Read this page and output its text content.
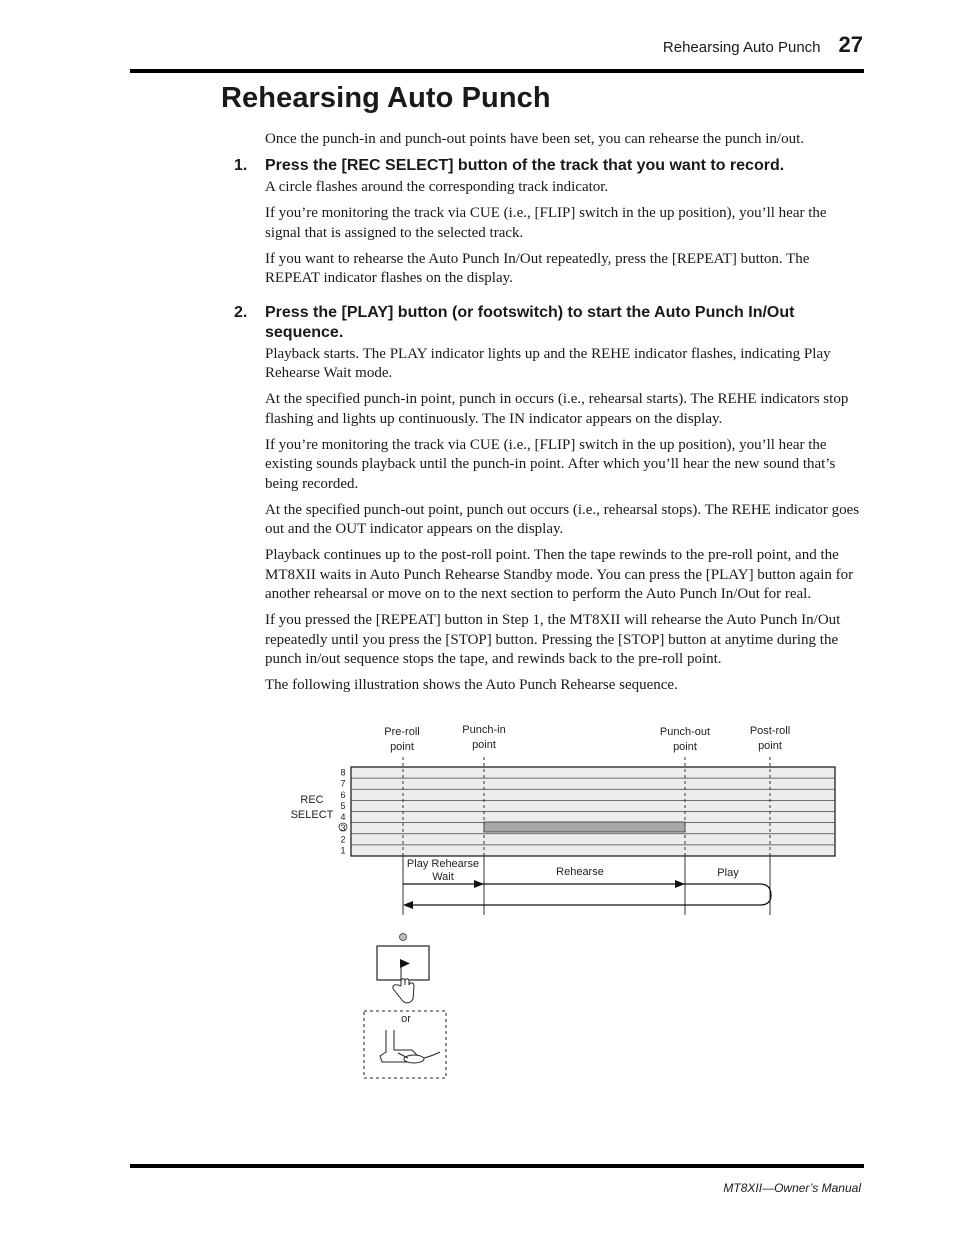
Rehearsing Auto Punch 27
Rehearsing Auto Punch

Once the punch-in and punch-out points have been set, you can rehearse the punch in/out.

1. Press the [REC SELECT] button of the track that you want to record.

A circle flashes around the corresponding track indicator.

If you’re monitoring the track via CUE (i.e., [FLIP] switch in the up position), you’ll hear the signal that is assigned to the selected track.

If you want to rehearse the Auto Punch In/Out repeatedly, press the [REPEAT] button. The REPEAT indicator flashes on the display.

2. Press the [PLAY] button (or footswitch) to start the Auto Punch In/Out sequence.

Playback starts. The PLAY indicator lights up and the REHE indicator flashes, indicating Play Rehearse Wait mode.

At the specified punch-in point, punch in occurs (i.e., rehearsal starts). The REHE indicators stop flashing and lights up continuously. The IN indicator appears on the display.

If you’re monitoring the track via CUE (i.e., [FLIP] switch in the up position), you’ll hear the existing sounds playback until the punch-in point. After which you’ll hear the new sound that’s being recorded.

At the specified punch-out point, punch out occurs (i.e., rehearsal stops). The REHE indicator goes out and the OUT indicator appears on the display.

Playback continues up to the post-roll point. Then the tape rewinds to the pre-roll point, and the MT8XII waits in Auto Punch Rehearse Standby mode. You can press the [PLAY] button again for another rehearsal or move on to the next section to perform the Auto Punch In/Out for real.

If you pressed the [REPEAT] button in Step 1, the MT8XII will rehearse the Auto Punch In/Out repeatedly until you press the [STOP] button. Pressing the [STOP] button at anytime during the punch in/out sequence stops the tape, and rewinds back to the pre-roll point.

The following illustration shows the Auto Punch Rehearse sequence.

Pre-roll
point
Punch-in
point
Punch-out
point
Post-roll
point
REC
SELECT
8
7
6
5
4
3
2
1
Play Rehearse
Wait	Rehearse	Play
or
MT8XII—Owner’s Manual
